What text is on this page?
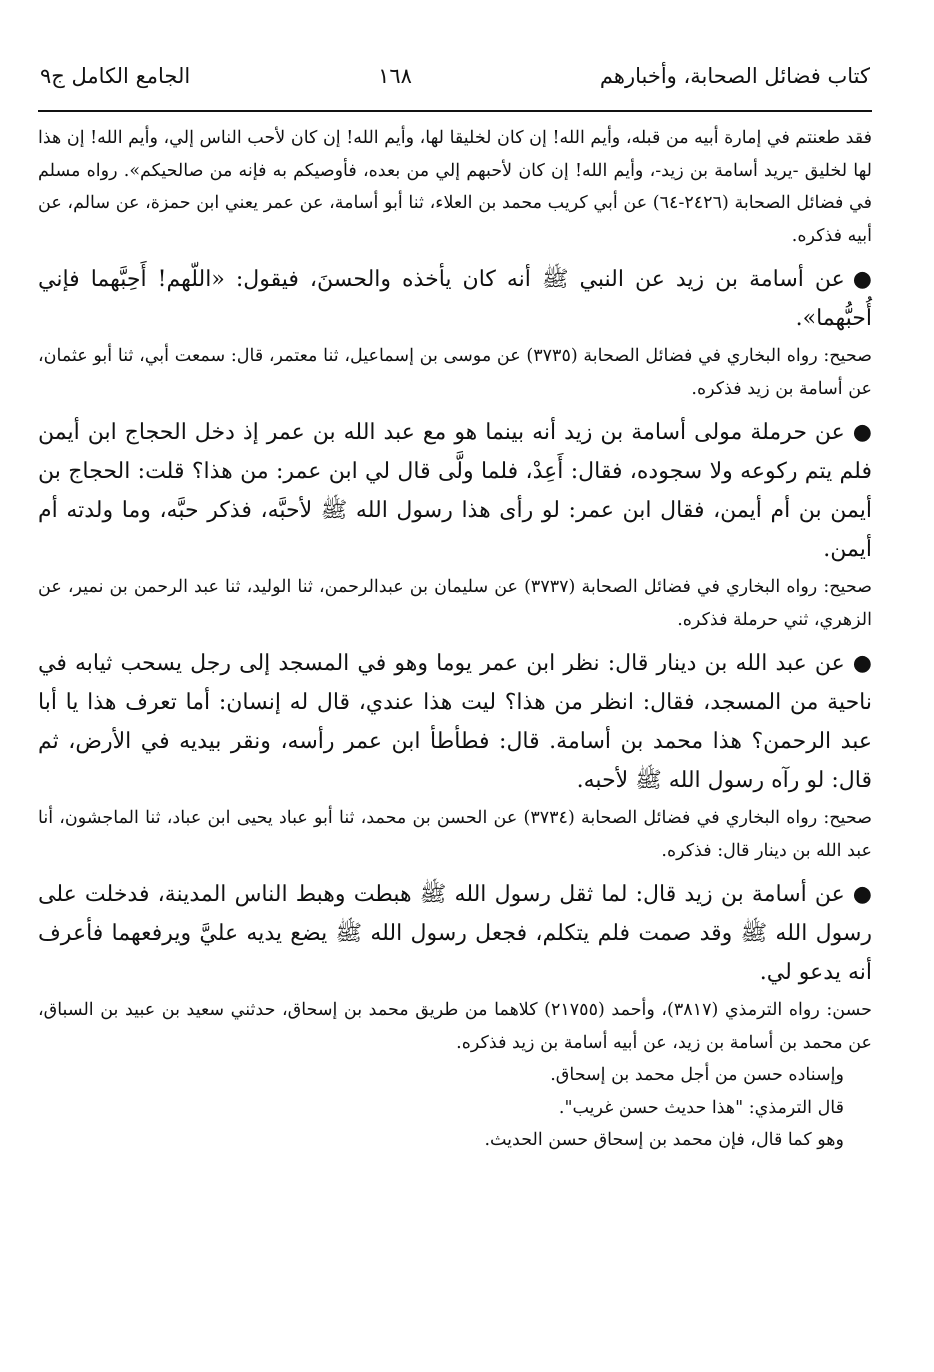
كتاب فضائل الصحابة، وأخبارهم
١٦٨
الجامع الكامل ج٩

فقد طعنتم في إمارة أبيه من قبله، وأيم الله! إن كان لخليقا لها، وأيم الله! إن كان لأحب الناس إلي، وأيم الله! إن هذا لها لخليق -يريد أسامة بن زيد-، وأيم الله! إن كان لأحبهم إلي من بعده، فأوصيكم به فإنه من صالحيكم». رواه مسلم في فضائل الصحابة (٢٤٢٦-٦٤) عن أبي كريب محمد بن العلاء، ثنا أبو أسامة، عن عمر يعني ابن حمزة، عن سالم، عن أبيه فذكره.

●عن أسامة بن زيد عن النبي ﷺ أنه كان يأخذه والحسنَ، فيقول: «اللّهم! أَحِبَّهما فإني أُحبُّهما».

صحيح: رواه البخاري في فضائل الصحابة (٣٧٣٥) عن موسى بن إسماعيل، ثنا معتمر، قال: سمعت أبي، ثنا أبو عثمان، عن أسامة بن زيد فذكره.

●عن حرملة مولى أسامة بن زيد أنه بينما هو مع عبد الله بن عمر إذ دخل الحجاج ابن أيمن فلم يتم ركوعه ولا سجوده، فقال: أَعِدْ، فلما ولَّى قال لي ابن عمر: من هذا؟ قلت: الحجاج بن أيمن بن أم أيمن، فقال ابن عمر: لو رأى هذا رسول الله ﷺ لأحبَّه، فذكر حبَّه، وما ولدته أم أيمن.

صحيح: رواه البخاري في فضائل الصحابة (٣٧٣٧) عن سليمان بن عبدالرحمن، ثنا الوليد، ثنا عبد الرحمن بن نمير، عن الزهري، ثني حرملة فذكره.

●عن عبد الله بن دينار قال: نظر ابن عمر يوما وهو في المسجد إلى رجل يسحب ثيابه في ناحية من المسجد، فقال: انظر من هذا؟ ليت هذا عندي، قال له إنسان: أما تعرف هذا يا أبا عبد الرحمن؟ هذا محمد بن أسامة. قال: فطأطأ ابن عمر رأسه، ونقر بيديه في الأرض، ثم قال: لو رآه رسول الله ﷺ لأحبه.

صحيح: رواه البخاري في فضائل الصحابة (٣٧٣٤) عن الحسن بن محمد، ثنا أبو عباد يحيى ابن عباد، ثنا الماجشون، أنا عبد الله بن دينار قال: فذكره.

●عن أسامة بن زيد قال: لما ثقل رسول الله ﷺ هبطت وهبط الناس المدينة، فدخلت على رسول الله ﷺ وقد صمت فلم يتكلم، فجعل رسول الله ﷺ يضع يديه عليَّ ويرفعهما فأعرف أنه يدعو لي.

حسن: رواه الترمذي (٣٨١٧)، وأحمد (٢١٧٥٥) كلاهما من طريق محمد بن إسحاق، حدثني سعيد بن عبيد بن السباق، عن محمد بن أسامة بن زيد، عن أبيه أسامة بن زيد فذكره.

وإسناده حسن من أجل محمد بن إسحاق.

قال الترمذي: "هذا حديث حسن غريب".

وهو كما قال، فإن محمد بن إسحاق حسن الحديث.
